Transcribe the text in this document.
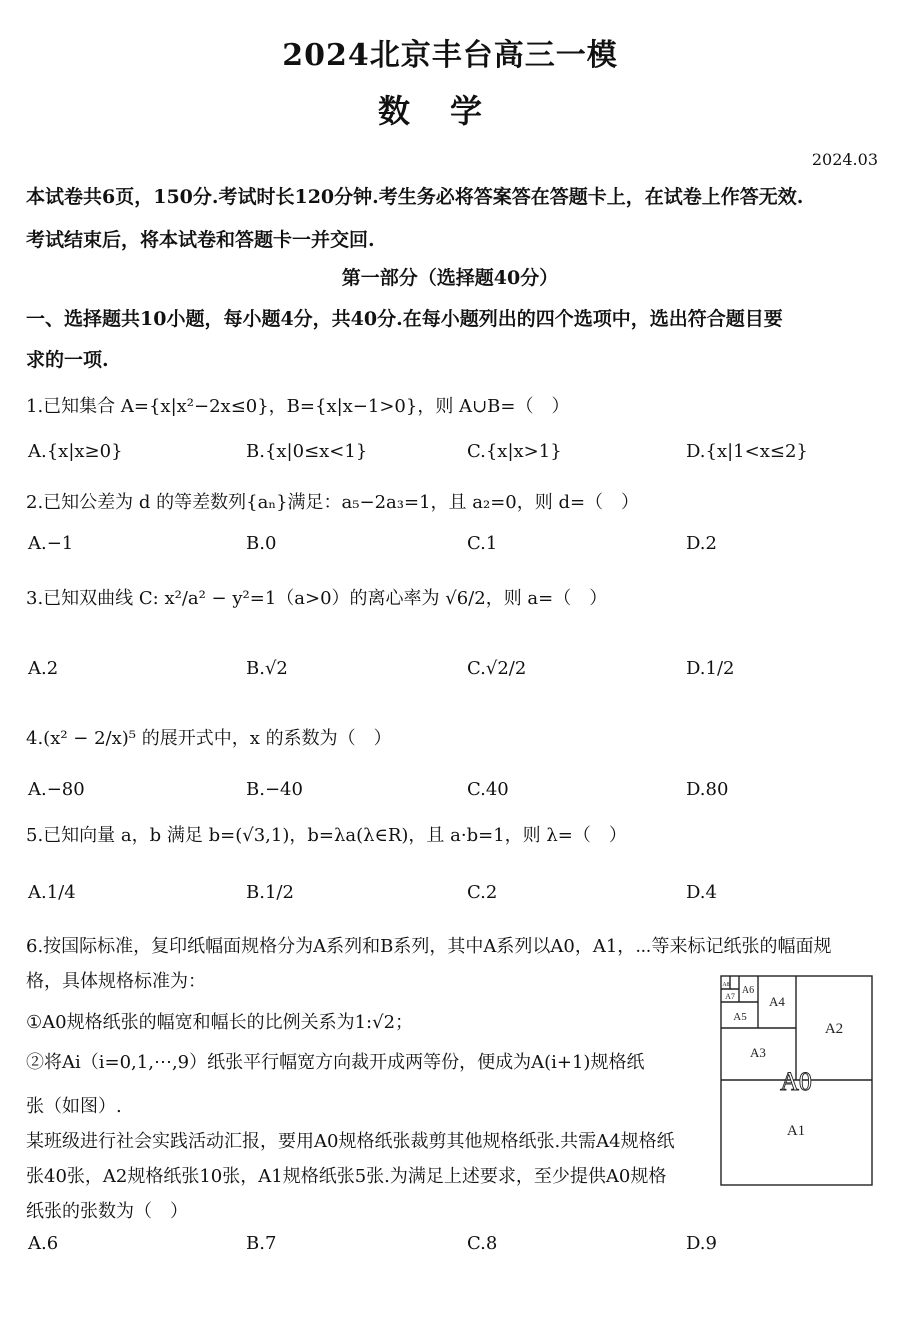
2024北京丰台高三一模
数学
2024.03
本试卷共6页，150分.考试时长120分钟.考生务必将答案答在答题卡上，在试卷上作答无效.
考试结束后，将本试卷和答题卡一并交回.
第一部分（选择题40分）
一、选择题共10小题，每小题4分，共40分.在每小题列出的四个选项中，选出符合题目要
求的一项.
1.已知集合 A={x|x²−2x≤0}，B={x|x−1>0}，则 A∪B=（　）
A.{x|x≥0}	B.{x|0≤x<1}	C.{x|x>1}	D.{x|1<x≤2}
2.已知公差为 d 的等差数列{aₙ}满足：a₅−2a₃=1，且 a₂=0，则 d=（　）
A.−1	B.0	C.1	D.2
3.已知双曲线 C: x²/a² − y²=1（a>0）的离心率为 √6/2，则 a=（　）
A.2	B.√2	C.√2/2	D.1/2
4.(x² − 2/x)⁵ 的展开式中，x 的系数为（　）
A.−80	B.−40	C.40	D.80
5.已知向量 a，b 满足 b=(√3,1)，b=λa(λ∈R)，且 a·b=1，则 λ=（　）
A.1/4	B.1/2	C.2	D.4
6.按国际标准，复印纸幅面规格分为A系列和B系列，其中A系列以A0，A1，⋯等来标记纸张的幅面规
格，具体规格标准为：
①A0规格纸张的幅宽和幅长的比例关系为1:√2；
②将Ai（i=0,1,⋯,9）纸张平行幅宽方向裁开成两等份，便成为A(i+1)规格纸
张（如图）.
某班级进行社会实践活动汇报，要用A0规格纸张裁剪其他规格纸张.共需A4规格纸
张40张，A2规格纸张10张，A1规格纸张5张.为满足上述要求，至少提供A0规格
纸张的张数为（　）
A.6	B.7	C.8	D.9
A8
A7
A6
A5
A4
A3
A2
A1
A0
